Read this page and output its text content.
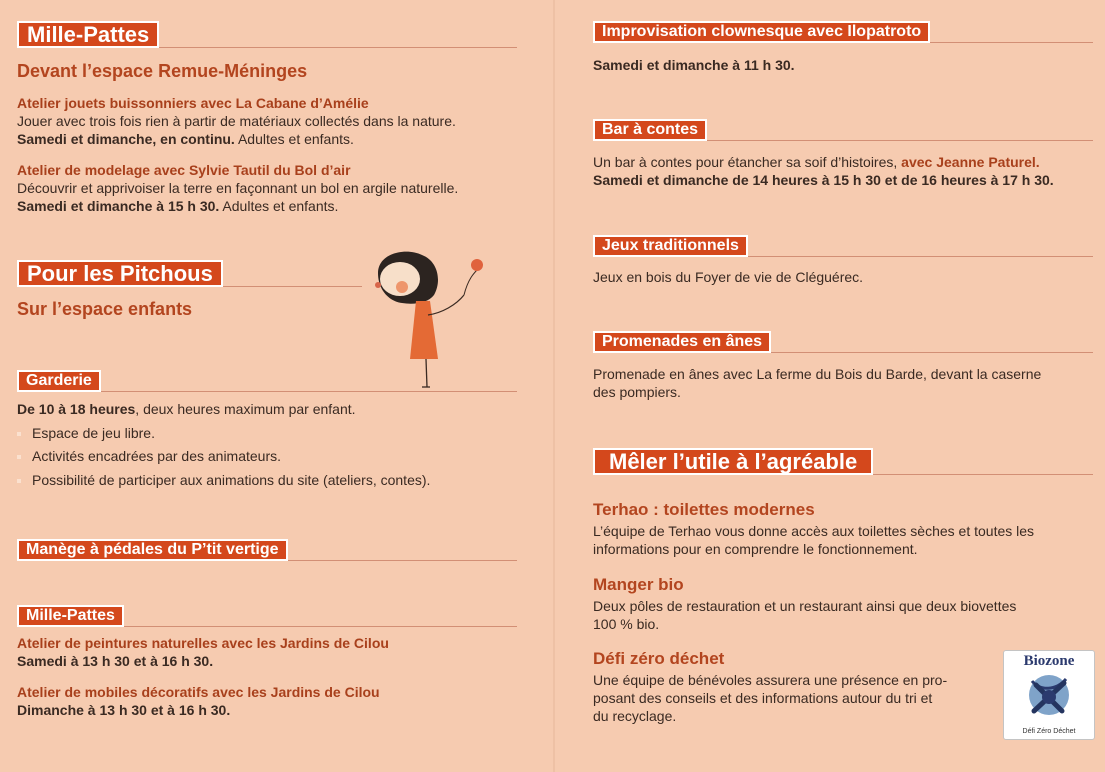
Mille-Pattes
Devant l’espace Remue-Méninges
Atelier jouets buissonniers avec La Cabane d’Amélie
Jouer avec trois fois rien à partir de matériaux collectés dans la nature.
Samedi et dimanche, en continu. Adultes et enfants.
Atelier de modelage avec Sylvie Tautil du Bol d’air
Découvrir et apprivoiser la terre en façonnant un bol en argile naturelle.
Samedi et dimanche à 15 h 30. Adultes et enfants.
Pour les Pitchous
Sur l’espace enfants
Garderie
De 10 à 18 heures, deux heures maximum par enfant.
Espace de jeu libre.
Activités encadrées par des animateurs.
Possibilité de participer aux animations du site (ateliers, contes).
Manège à pédales du P’tit vertige
Mille-Pattes
Atelier de peintures naturelles avec les Jardins de Cilou
Samedi à 13 h 30 et à 16 h 30.
Atelier de mobiles décoratifs avec les Jardins de Cilou
Dimanche à 13 h 30 et à 16 h 30.
Improvisation clownesque avec Ilopatroto
Samedi et dimanche à 11 h 30.
Bar à contes
Un bar à contes pour étancher sa soif d’histoires, avec Jeanne Paturel.
Samedi et dimanche de 14 heures à 15 h 30 et de 16 heures à 17 h 30.
Jeux traditionnels
Jeux en bois du Foyer de vie de Cléguérec.
Promenades en ânes
Promenade en ânes avec La ferme du Bois du Barde, devant la caserne
des pompiers.
Mêler l’utile à l’agréable
Terhao : toilettes modernes
L’équipe de Terhao vous donne accès aux toilettes sèches et toutes les
informations pour en comprendre le fonctionnement.
Manger bio
Deux pôles de restauration et un restaurant ainsi que deux biovettes
100 % bio.
Défi zéro déchet
Une équipe de bénévoles assurera une présence en pro-
posant des conseils et des informations autour du tri et
du recyclage.
Biozone
Défi Zéro Déchet
